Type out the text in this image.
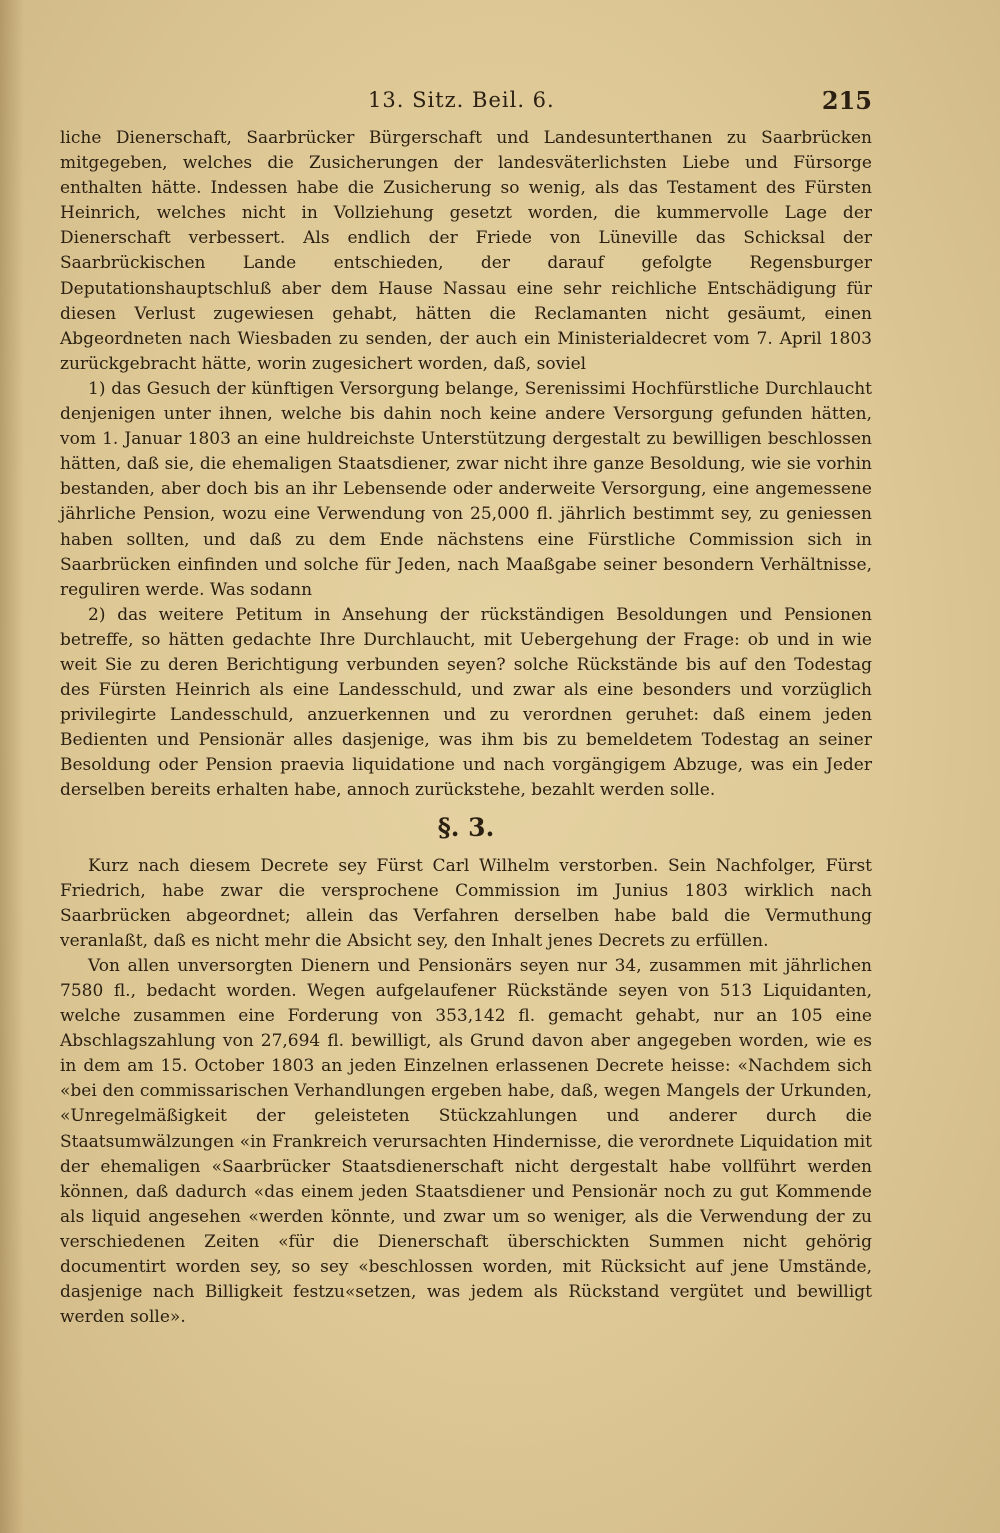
13. Sitz. Beil. 6.	215

liche Dienerschaft, Saarbrücker Bürgerschaft und Landesunterthanen zu Saarbrücken mitgegeben, welches die Zusicherungen der landesväterlichsten Liebe und Fürsorge enthalten hätte. Indessen habe die Zusicherung so wenig, als das Testament des Fürsten Heinrich, welches nicht in Vollziehung gesetzt worden, die kummervolle Lage der Dienerschaft verbessert. Als endlich der Friede von Lüneville das Schicksal der Saarbrückischen Lande entschieden, der darauf gefolgte Regensburger Deputationshauptschluß aber dem Hause Nassau eine sehr reichliche Entschädigung für diesen Verlust zugewiesen gehabt, hätten die Reclamanten nicht gesäumt, einen Abgeordneten nach Wiesbaden zu senden, der auch ein Ministerialdecret vom 7. April 1803 zurückgebracht hätte, worin zugesichert worden, daß, soviel

1) das Gesuch der künftigen Versorgung belange, Serenissimi Hochfürstliche Durchlaucht denjenigen unter ihnen, welche bis dahin noch keine andere Versorgung gefunden hätten, vom 1. Januar 1803 an eine huldreichste Unterstützung dergestalt zu bewilligen beschlossen hätten, daß sie, die ehemaligen Staatsdiener, zwar nicht ihre ganze Besoldung, wie sie vorhin bestanden, aber doch bis an ihr Lebensende oder anderweite Versorgung, eine angemessene jährliche Pension, wozu eine Verwendung von 25,000 fl. jährlich bestimmt sey, zu geniessen haben sollten, und daß zu dem Ende nächstens eine Fürstliche Commission sich in Saarbrücken einfinden und solche für Jeden, nach Maaßgabe seiner besondern Verhältnisse, reguliren werde. Was sodann

2) das weitere Petitum in Ansehung der rückständigen Besoldungen und Pensionen betreffe, so hätten gedachte Ihre Durchlaucht, mit Uebergehung der Frage: ob und in wie weit Sie zu deren Berichtigung verbunden seyen? solche Rückstände bis auf den Todestag des Fürsten Heinrich als eine Landesschuld, und zwar als eine besonders und vorzüglich privilegirte Landesschuld, anzuerkennen und zu verordnen geruhet: daß einem jeden Bedienten und Pensionär alles dasjenige, was ihm bis zu bemeldetem Todestag an seiner Besoldung oder Pension praevia liquidatione und nach vorgängigem Abzuge, was ein Jeder derselben bereits erhalten habe, annoch zurückstehe, bezahlt werden solle.

§. 3.

Kurz nach diesem Decrete sey Fürst Carl Wilhelm verstorben. Sein Nachfolger, Fürst Friedrich, habe zwar die versprochene Commission im Junius 1803 wirklich nach Saarbrücken abgeordnet; allein das Verfahren derselben habe bald die Vermuthung veranlaßt, daß es nicht mehr die Absicht sey, den Inhalt jenes Decrets zu erfüllen.

Von allen unversorgten Dienern und Pensionärs seyen nur 34, zusammen mit jährlichen 7580 fl., bedacht worden. Wegen aufgelaufener Rückstände seyen von 513 Liquidanten, welche zusammen eine Forderung von 353,142 fl. gemacht gehabt, nur an 105 eine Abschlagszahlung von 27,694 fl. bewilligt, als Grund davon aber angegeben worden, wie es in dem am 15. October 1803 an jeden Einzelnen erlassenen Decrete heisse: «Nachdem sich «bei den commissarischen Verhandlungen ergeben habe, daß, wegen Mangels der Urkunden, «Unregelmäßigkeit der geleisteten Stückzahlungen und anderer durch die Staatsumwälzungen «in Frankreich verursachten Hindernisse, die verordnete Liquidation mit der ehemaligen «Saarbrücker Staatsdienerschaft nicht dergestalt habe vollführt werden können, daß dadurch «das einem jeden Staatsdiener und Pensionär noch zu gut Kommende als liquid angesehen «werden könnte, und zwar um so weniger, als die Verwendung der zu verschiedenen Zeiten «für die Dienerschaft überschickten Summen nicht gehörig documentirt worden sey, so sey «beschlossen worden, mit Rücksicht auf jene Umstände, dasjenige nach Billigkeit festzu«setzen, was jedem als Rückstand vergütet und bewilligt werden solle».
